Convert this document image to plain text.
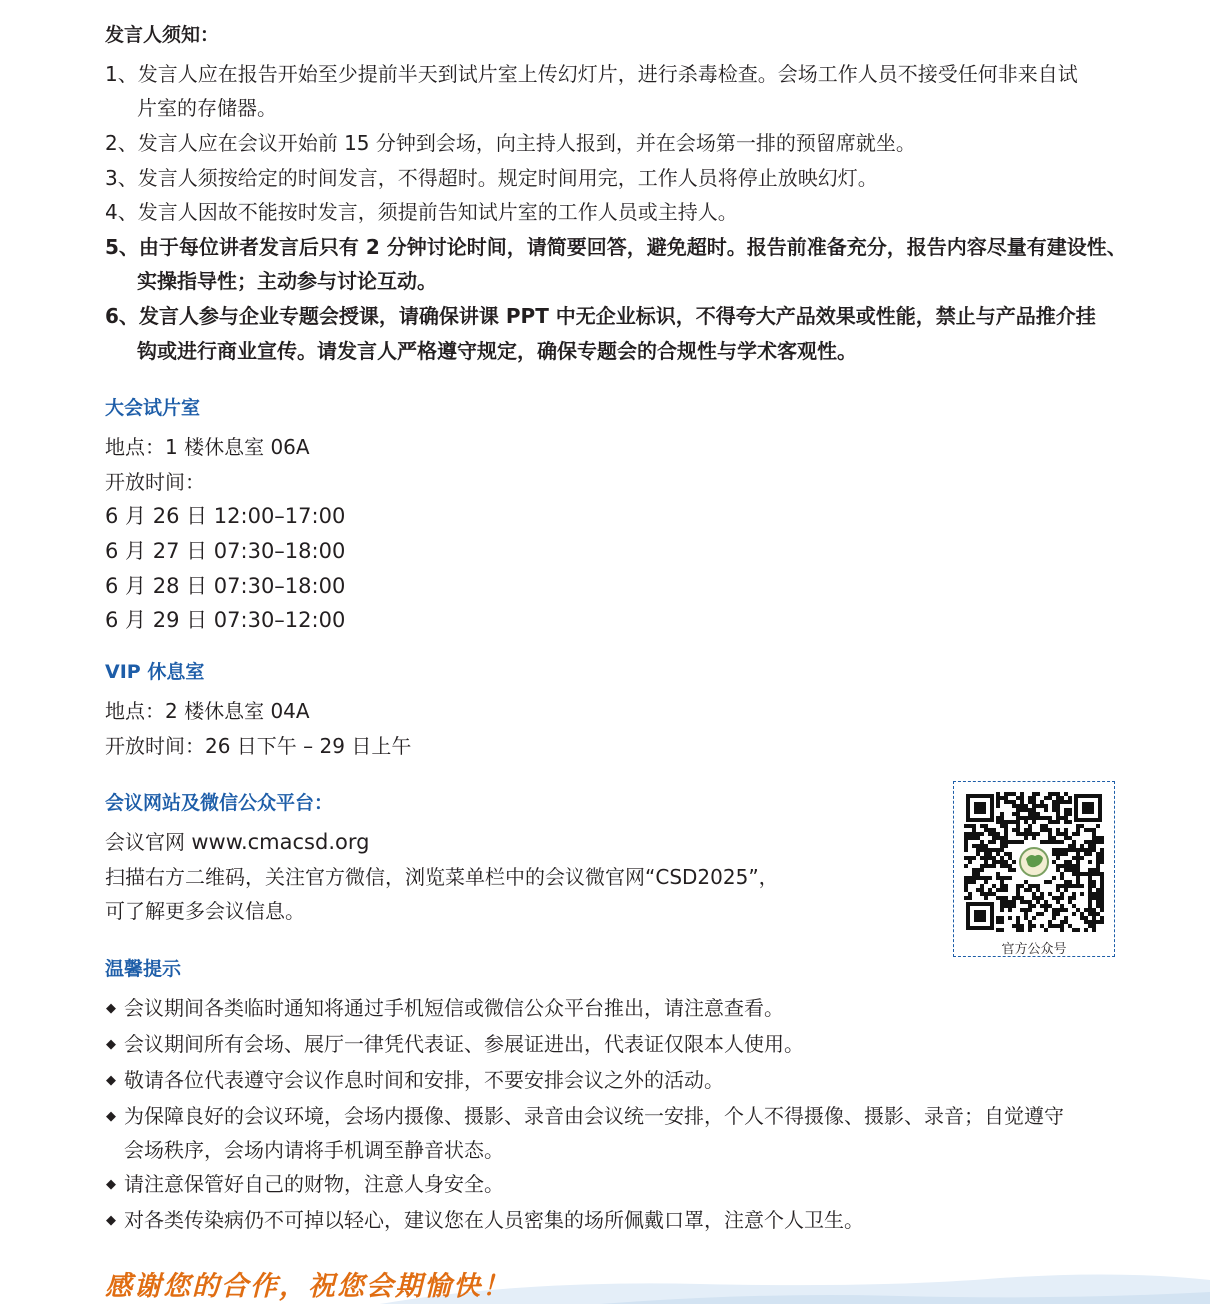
发言人须知：
1、发言人应在报告开始至少提前半天到试片室上传幻灯片，进行杀毒检查。会场工作人员不接受任何非来自试
片室的存储器。
2、发言人应在会议开始前 15 分钟到会场，向主持人报到，并在会场第一排的预留席就坐。
3、发言人须按给定的时间发言，不得超时。规定时间用完，工作人员将停止放映幻灯。
4、发言人因故不能按时发言，须提前告知试片室的工作人员或主持人。
5、由于每位讲者发言后只有 2 分钟讨论时间，请简要回答，避免超时。报告前准备充分，报告内容尽量有建设性、
实操指导性；主动参与讨论互动。
6、发言人参与企业专题会授课，请确保讲课 PPT 中无企业标识，不得夸大产品效果或性能，禁止与产品推介挂
钩或进行商业宣传。请发言人严格遵守规定，确保专题会的合规性与学术客观性。
大会试片室
地点：1 楼休息室 06A
开放时间：
6 月 26 日 12:00–17:00
6 月 27 日 07:30–18:00
6 月 28 日 07:30–18:00
6 月 29 日 07:30–12:00
VIP 休息室
地点：2 楼休息室 04A
开放时间：26 日下午 – 29 日上午
会议网站及微信公众平台：
会议官网 www.cmacsd.org
扫描右方二维码，关注官方微信，浏览菜单栏中的会议微官网“CSD2025”，
可了解更多会议信息。
官方公众号
温馨提示
◆ 会议期间各类临时通知将通过手机短信或微信公众平台推出，请注意查看。
◆ 会议期间所有会场、展厅一律凭代表证、参展证进出，代表证仅限本人使用。
◆ 敬请各位代表遵守会议作息时间和安排，不要安排会议之外的活动。
◆ 为保障良好的会议环境，会场内摄像、摄影、录音由会议统一安排，个人不得摄像、摄影、录音；自觉遵守
会场秩序，会场内请将手机调至静音状态。
◆ 请注意保管好自己的财物，注意人身安全。
◆ 对各类传染病仍不可掉以轻心，建议您在人员密集的场所佩戴口罩，注意个人卫生。
感谢您的合作，祝您会期愉快！
